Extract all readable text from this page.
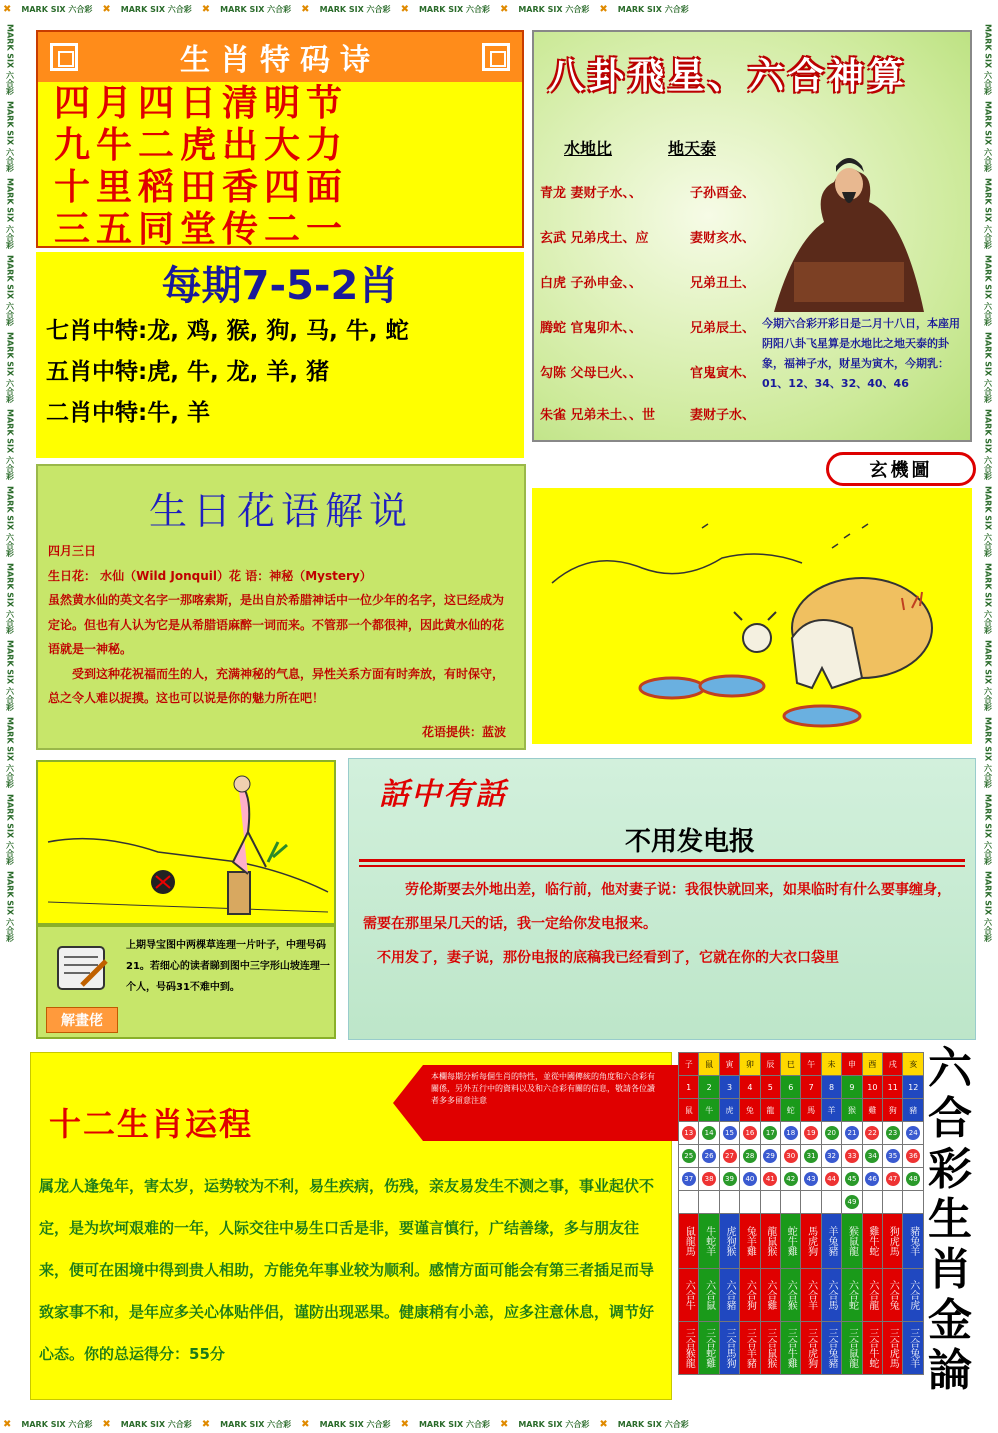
✖ MARK SIX 六合彩 ✖ MARK SIX 六合彩 ✖ MARK SIX 六合彩 ✖ MARK SIX 六合彩 ✖ MARK SIX 六合彩 ✖ MARK SIX 六合彩 ✖ MARK SIX 六合彩
✖ MARK SIX 六合彩 ✖ MARK SIX 六合彩 ✖ MARK SIX 六合彩 ✖ MARK SIX 六合彩 ✖ MARK SIX 六合彩 ✖ MARK SIX 六合彩 ✖ MARK SIX 六合彩
MARK SIX 六合彩
MARK SIX 六合彩
MARK SIX 六合彩
MARK SIX 六合彩
MARK SIX 六合彩
MARK SIX 六合彩
MARK SIX 六合彩
MARK SIX 六合彩
MARK SIX 六合彩
MARK SIX 六合彩
MARK SIX 六合彩
MARK SIX 六合彩
MARK SIX 六合彩
MARK SIX 六合彩
MARK SIX 六合彩
MARK SIX 六合彩
MARK SIX 六合彩
MARK SIX 六合彩
MARK SIX 六合彩
MARK SIX 六合彩
MARK SIX 六合彩
MARK SIX 六合彩
MARK SIX 六合彩
MARK SIX 六合彩
生肖特码诗
四月四日清明节
九牛二虎出大力
十里稻田香四面
三五同堂传二一
每期7-5-2肖
七肖中特:龙, 鸡, 猴, 狗, 马, 牛, 蛇
五肖中特:虎, 牛, 龙, 羊, 猪
二肖中特:牛, 羊
八卦飛星、六合神算
水地比	地天泰
青龙 妻财子水、、	子孙酉金、
玄武 兄弟戌土、应	妻财亥水、
白虎 子孙申金、、	兄弟丑土、
腾蛇 官鬼卯木、、	兄弟辰土、
勾陈 父母巳火、、	官鬼寅木、
朱雀 兄弟未土、、世	妻财子水、
今期六合彩开彩日是二月十八日，本座用阴阳八卦飞星算是水地比之地天泰的卦象，福神子水，财星为寅木，今期乳：01、12、34、32、40、46
玄機圖
生日花语解说
四月三日
生日花： 水仙（Wild Jonquil）花 语：神秘（Mystery）
虽然黄水仙的英文名字一那喀索斯，是出自於希腊神话中一位少年的名字，这已经成为定论。但也有人认为它是从希腊语麻醉一词而来。不管那一个都很神，因此黄水仙的花语就是一神秘。
受到这种花祝福而生的人，充满神秘的气息，异性关系方面有时奔放，有时保守，总之令人难以捉摸。这也可以说是你的魅力所在吧！
花语提供：蓝波
上期导宝图中两棵草连理一片叶子，中理号码21。若细心的读者睇到图中三字形山坡连理一个人，号码31不难中到。
解畫佬
話中有話
不用发电报
劳伦斯要去外地出差，临行前，他对妻子说：我很快就回来，如果临时有什么要事缠身，需要在那里呆几天的话，我一定给你发电报来。
不用发了，妻子说，那份电报的底稿我已经看到了，它就在你的大衣口袋里
本欄每期分析每個生肖的特性，並從中國傳統的角度和六合彩有關係，另外五行中的資料以及和六合彩有關的信息，敬請各位讀者多多留意注意
十二生肖运程
属龙人逢兔年，害太岁，运势较为不利，易生疾病，伤残，亲友易发生不测之事，事业起伏不定，是为坎坷艰难的一年，人际交往中易生口舌是非，要谨言慎行，广结善缘，多与朋友往来，便可在困境中得到贵人相助，方能免年事业较为顺利。感情方面可能会有第三者插足而导致家事不和，是年应多关心体贴伴侣，谨防出现恶果。健康稍有小恙，应多注意休息，调节好心态。你的总运得分：55分
子	鼠	寅	卯	辰	巳	午	未	申	酉	戌	亥
1	2	3	4	5	6	7	8	9	10	11	12
鼠	牛	虎	兔	龍	蛇	馬	羊	猴	雞	狗	豬
13	14	15	16	17	18	19	20	21	22	23	24
25	26	27	28	29	30	31	32	33	34	35	36
37	38	39	40	41	42	43	44	45	46	47	48
								49			
鼠龍馬	牛蛇羊	虎狗猴	兔羊雞	龍鼠猴	蛇牛雞	馬虎狗	羊兔豬	猴鼠龍	雞牛蛇	狗虎馬	豬兔羊
六合牛	六合鼠	六合豬	六合狗	六合雞	六合猴	六合羊	六合馬	六合蛇	六合龍	六合兔	六合虎
三合猴龍	三合蛇雞	三合馬狗	三合羊豬	三合鼠猴	三合牛雞	三合虎狗	三合兔豬	三合鼠龍	三合牛蛇	三合虎馬	三合兔羊
六
合
彩
生
肖
金
論
